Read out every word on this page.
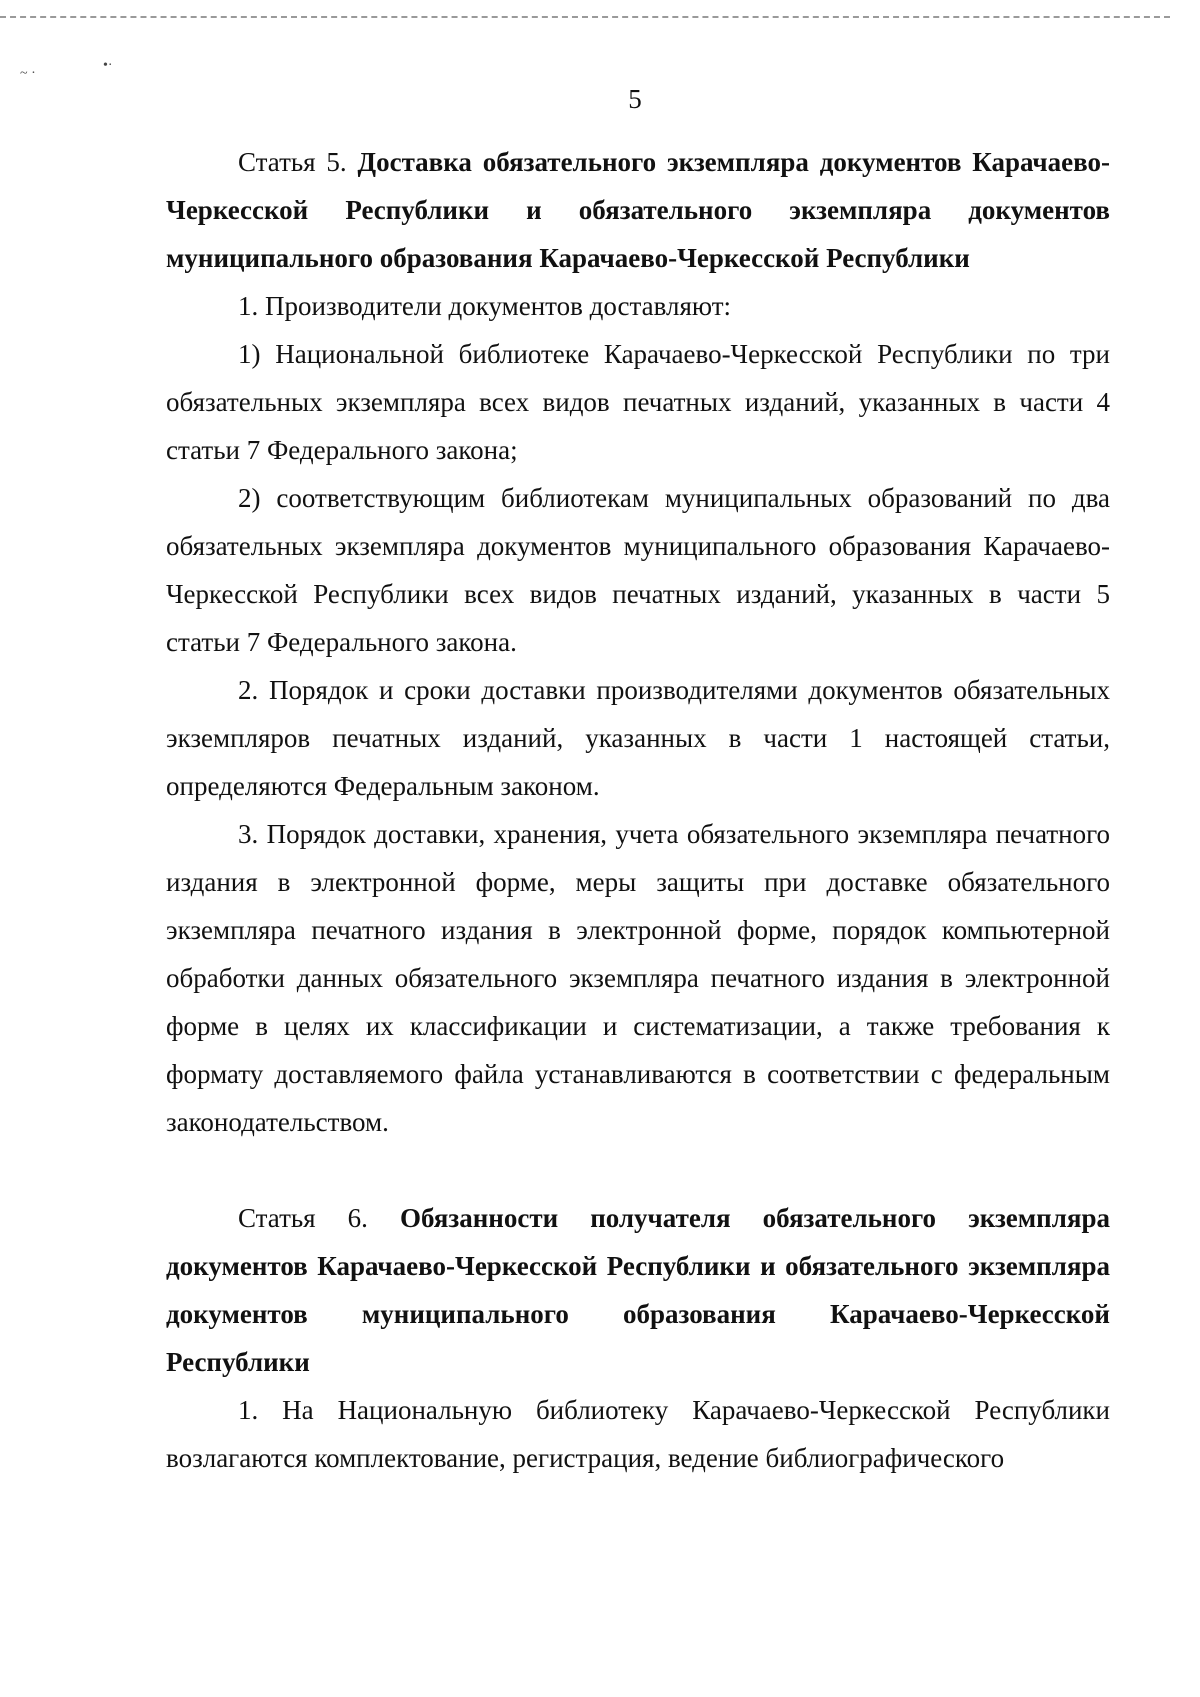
~ ·
•·
5

Статья 5. Доставка обязательного экземпляра документов Карачаево-Черкесской Республики и обязательного экземпляра документов муниципального образования Карачаево-Черкесской Республики

1. Производители документов доставляют:

1) Национальной библиотеке Карачаево-Черкесской Республики по три обязательных экземпляра всех видов печатных изданий, указанных в части 4 статьи 7 Федерального закона;

2) соответствующим библиотекам муниципальных образований по два обязательных экземпляра документов муниципального образования Карачаево-Черкесской Республики всех видов печатных изданий, указанных в части 5 статьи 7 Федерального закона.

2. Порядок и сроки доставки производителями документов обязательных экземпляров печатных изданий, указанных в части 1 настоящей статьи, определяются Федеральным законом.

3. Порядок доставки, хранения, учета обязательного экземпляра печатного издания в электронной форме, меры защиты при доставке обязательного экземпляра печатного издания в электронной форме, порядок компьютерной обработки данных обязательного экземпляра печатного издания в электронной форме в целях их классификации и систематизации, а также требования к формату доставляемого файла устанавливаются в соответствии с федеральным законодательством.

Статья 6. Обязанности получателя обязательного экземпляра документов Карачаево-Черкесской Республики и обязательного экземпляра документов муниципального образования Карачаево-Черкесской Республики

1. На Национальную библиотеку Карачаево-Черкесской Республики возлагаются комплектование, регистрация, ведение библиографического
